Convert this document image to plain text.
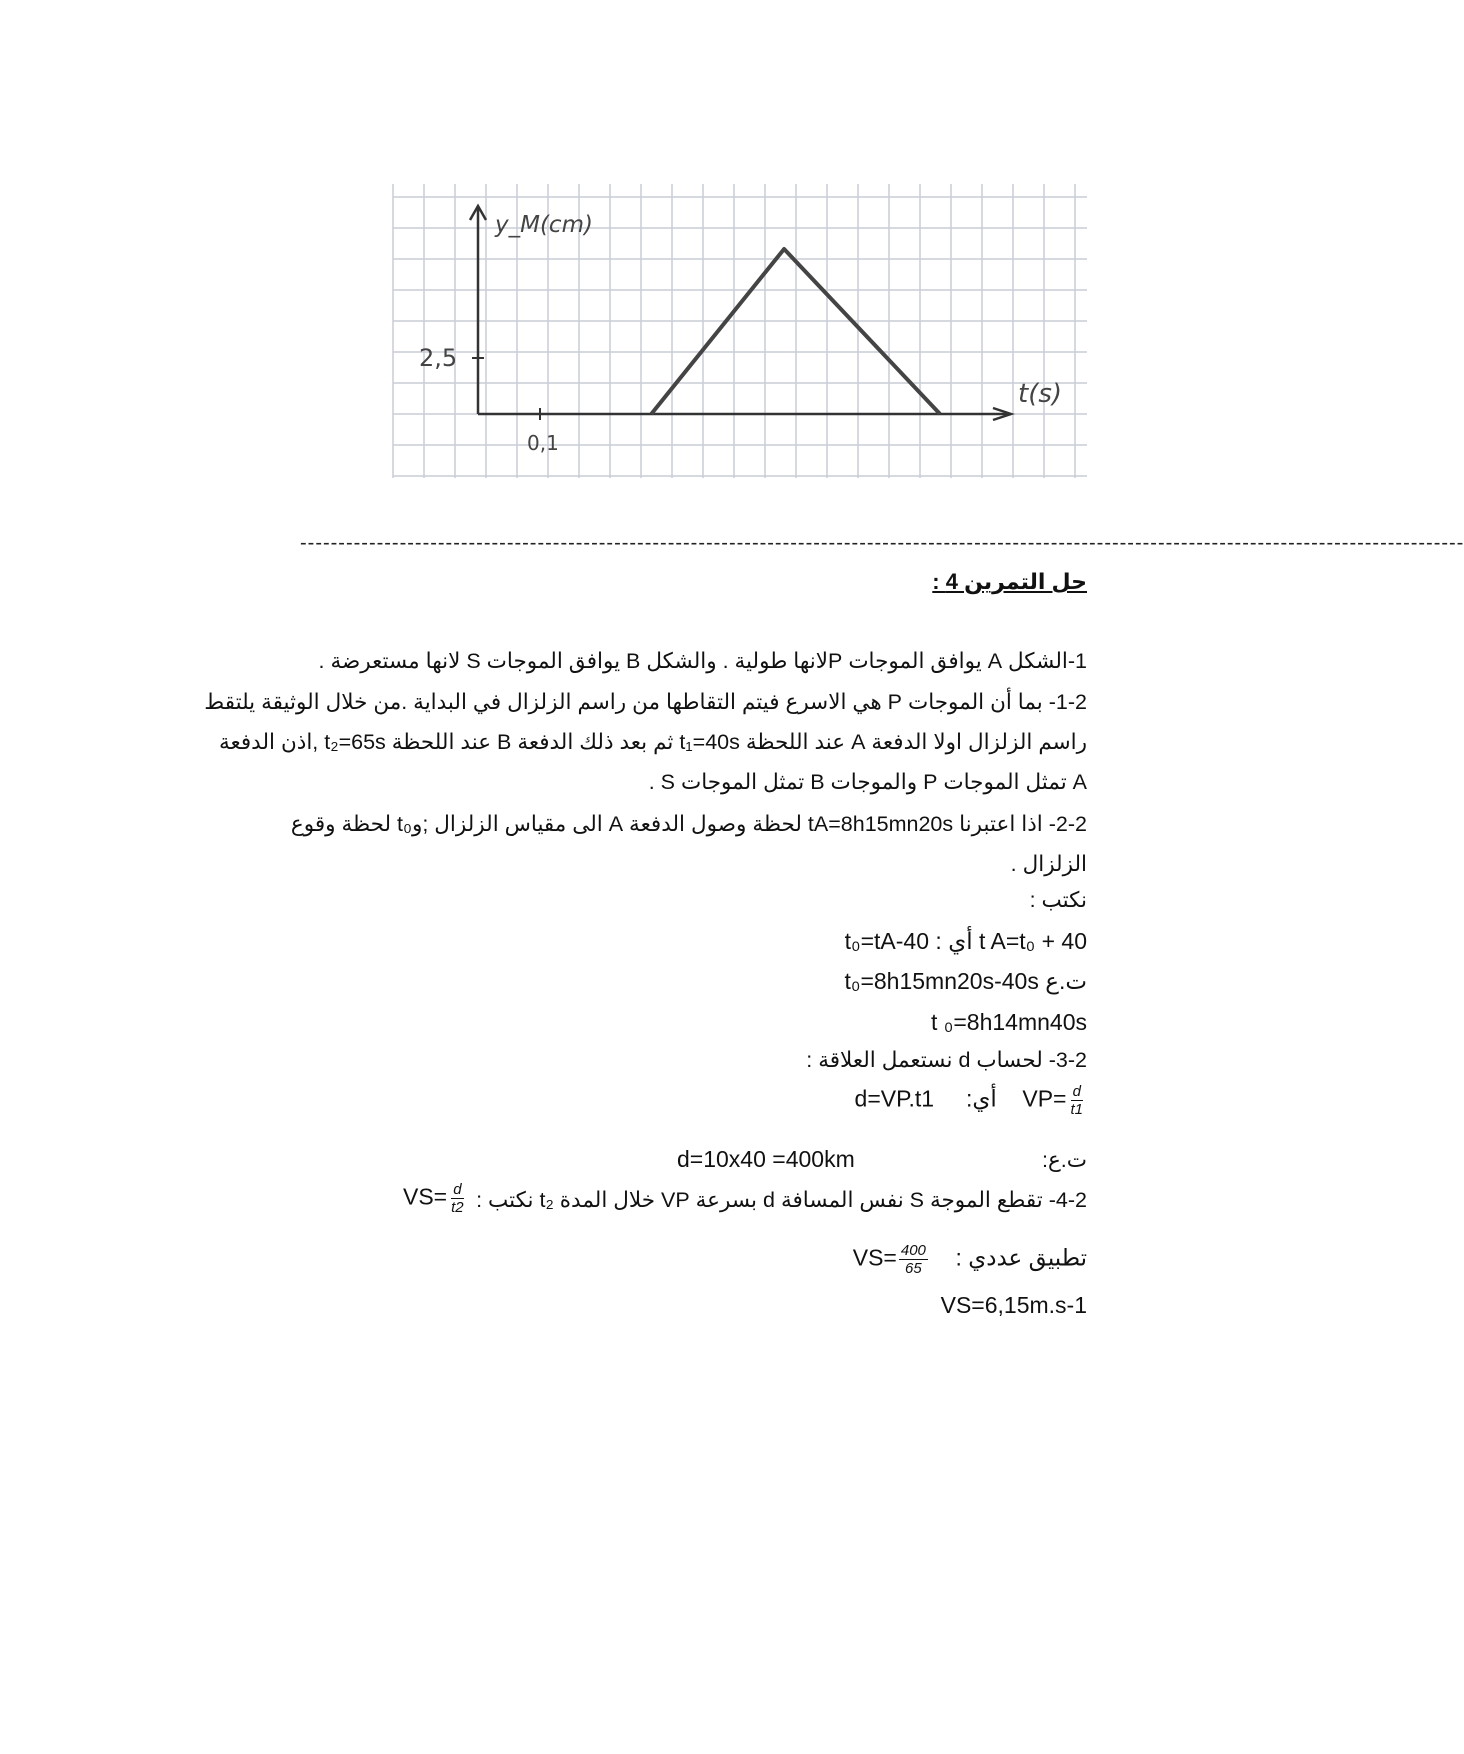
y_M(cm)
t(s)
2,5
0,1
--------------------------------------------------------------------------------------------------------------------------------------------------------
حل التمرين 4 :
1-الشكل A يوافق الموجات Pلانها طولية . والشكل B يوافق الموجات S لانها مستعرضة .
1-2- بما أن الموجات P هي الاسرع فيتم التقاطها من راسم الزلزال في البداية .من خلال الوثيقة يلتقط
راسم الزلزال اولا الدفعة A عند اللحظة t₁=40s ثم بعد ذلك الدفعة B عند اللحظة t₂=65s ,اذن الدفعة
A تمثل الموجات P والموجات B تمثل الموجات S .
2-2- اذا اعتبرنا tA=8h15mn20s لحظة وصول الدفعة A الى مقياس الزلزال ;وt₀ لحظة وقوع
الزلزال .
نكتب :
t₀=tA-40 : أي t A=t₀ + 40
t₀=8h15mn20s-40s ت.ع
t ₀=8h14mn40s
3-2- لحساب d نستعمل العلاقة :
d=VP.t1 أي: $VP= \frac{d}{t1}$
d=10x40 =400km	ت.ع:
4-2- تقطع الموجة S نفس المسافة d بسرعة VP خلال المدة t₂ نكتب :
$VS= \frac{d}{t2}$
$VS= \frac{400}{65}$ تطبيق عددي :
VS=6,15m.s-1
